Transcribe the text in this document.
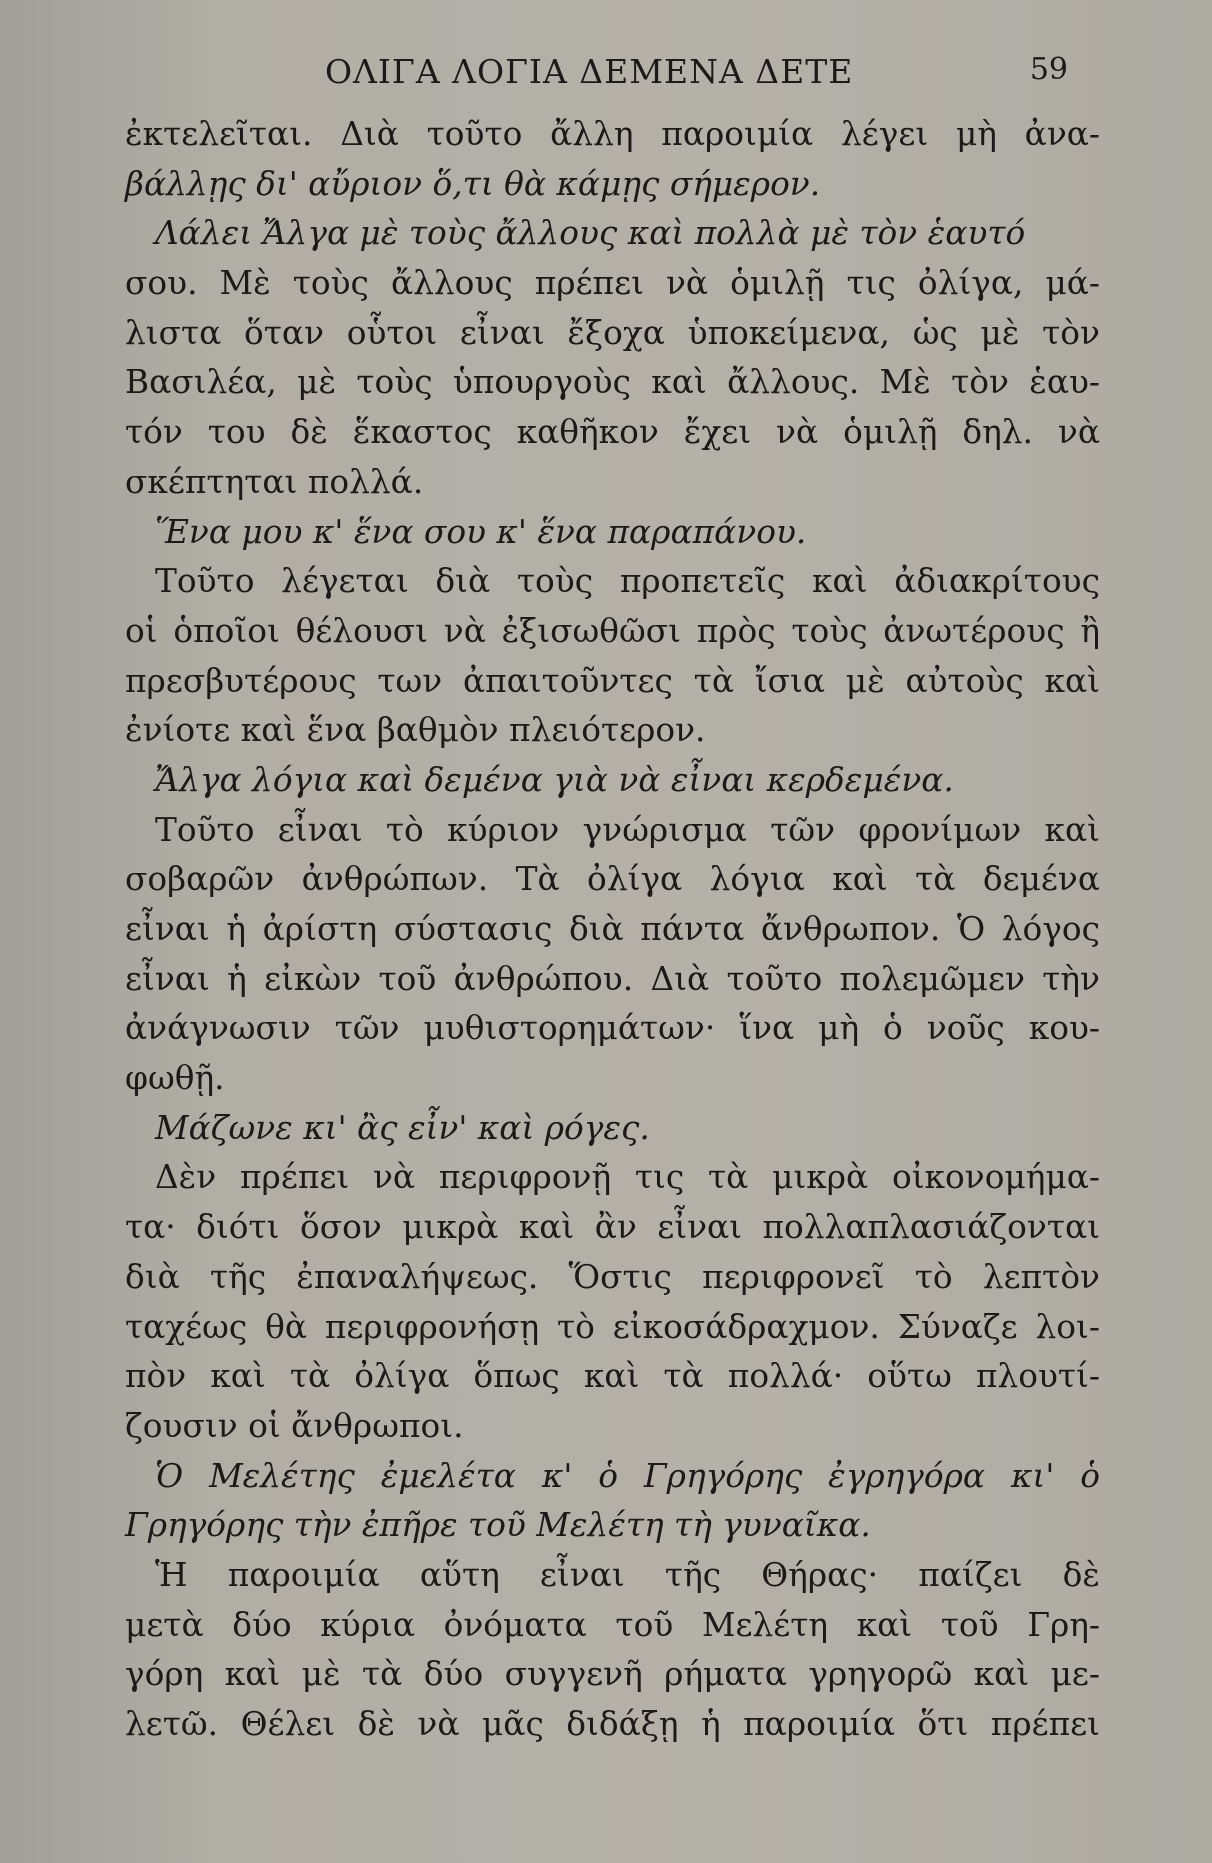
ΟΛΙΓΑ ΛΟΓΙΑ ΔΕΜΕΝΑ ΔΕΤΕ	59
ἐκτελεῖται. Διὰ τοῦτο ἄλλη παροιμία λέγει μὴ ἀνα-
βάλλῃς δι' αὔριον ὅ,τι θὰ κάμῃς σήμερον.
Λάλει Ἄλγα μὲ τοὺς ἄλλους καὶ πολλὰ μὲ τὸν ἑαυτό
σου. Μὲ τοὺς ἄλλους πρέπει νὰ ὁμιλῇ τις ὀλίγα, μά-
λιστα ὅταν οὗτοι εἶναι ἔξοχα ὑποκείμενα, ὡς μὲ τὸν
Βασιλέα, μὲ τοὺς ὑπουργοὺς καὶ ἄλλους. Μὲ τὸν ἑαυ-
τόν του δὲ ἕκαστος καθῆκον ἔχει νὰ ὁμιλῇ δηλ. νὰ
σκέπτηται πολλά.
Ἕνα μου κ' ἕνα σου κ' ἕνα παραπάνου.
Τοῦτο λέγεται διὰ τοὺς προπετεῖς καὶ ἀδιακρίτους
οἱ ὁποῖοι θέλουσι νὰ ἐξισωθῶσι πρὸς τοὺς ἀνωτέρους ἢ
πρεσβυτέρους των ἀπαιτοῦντες τὰ ἴσια μὲ αὐτοὺς καὶ
ἐνίοτε καὶ ἕνα βαθμὸν πλειότερον.
Ἄλγα λόγια καὶ δεμένα γιὰ νὰ εἶναι κερδεμένα.
Τοῦτο εἶναι τὸ κύριον γνώρισμα τῶν φρονίμων καὶ
σοβαρῶν ἀνθρώπων. Τὰ ὀλίγα λόγια καὶ τὰ δεμένα
εἶναι ἡ ἀρίστη σύστασις διὰ πάντα ἄνθρωπον. Ὁ λόγος
εἶναι ἡ εἰκὼν τοῦ ἀνθρώπου. Διὰ τοῦτο πολεμῶμεν τὴν
ἀνάγνωσιν τῶν μυθιστορημάτων· ἵνα μὴ ὁ νοῦς κου-
φωθῇ.
Μάζωνε κι' ἂς εἶν' καὶ ρόγες.
Δὲν πρέπει νὰ περιφρονῇ τις τὰ μικρὰ οἰκονομήμα-
τα· διότι ὅσον μικρὰ καὶ ἂν εἶναι πολλαπλασιάζονται
διὰ τῆς ἐπαναλήψεως. Ὅστις περιφρονεῖ τὸ λεπτὸν
ταχέως θὰ περιφρονήσῃ τὸ εἰκοσάδραχμον. Σύναζε λοι-
πὸν καὶ τὰ ὀλίγα ὅπως καὶ τὰ πολλά· οὕτω πλουτί-
ζουσιν οἱ ἄνθρωποι.
Ὁ Μελέτης ἐμελέτα κ' ὁ Γρηγόρης ἐγρηγόρα κι' ὁ
Γρηγόρης τὴν ἐπῆρε τοῦ Μελέτη τὴ γυναῖκα.
Ἡ παροιμία αὕτη εἶναι τῆς Θήρας· παίζει δὲ
μετὰ δύο κύρια ὀνόματα τοῦ Μελέτη καὶ τοῦ Γρη-
γόρη καὶ μὲ τὰ δύο συγγενῆ ρήματα γρηγορῶ καὶ με-
λετῶ. Θέλει δὲ νὰ μᾶς διδάξῃ ἡ παροιμία ὅτι πρέπει
